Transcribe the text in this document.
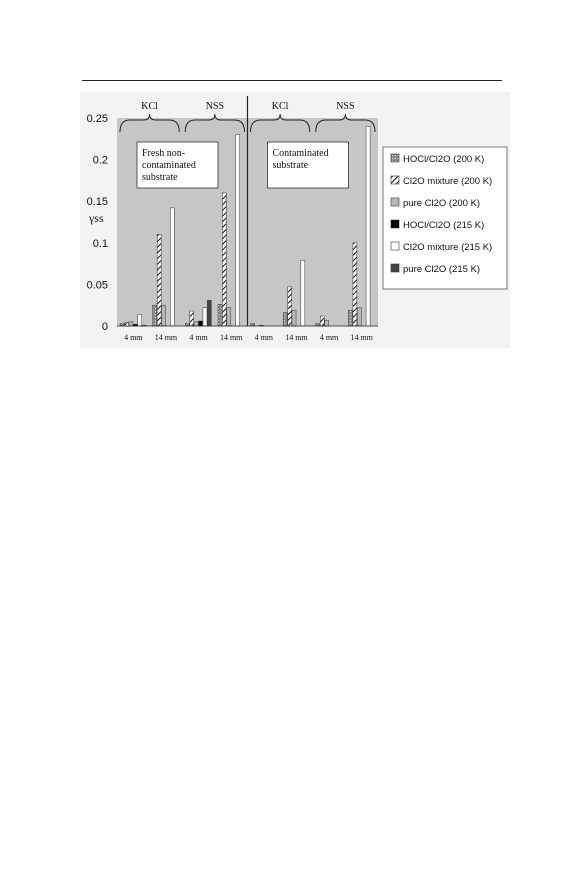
0
0.05
0.1
0.15
0.2
0.25
γss
Fresh non-
contaminated
substrate
KCl
4 mm 14 mm
NSS
4 mm 14 mm
Contaminated
substrate
KCl
4 mm 14 mm
NSS
4 mm 14 mm
HOCl/Cl2O (200 K)
Cl2O mixture (200 K)
pure Cl2O (200 K)
HOCl/Cl2O (215 K)
Cl2O mixture (215 K)
pure Cl2O (215 K)
